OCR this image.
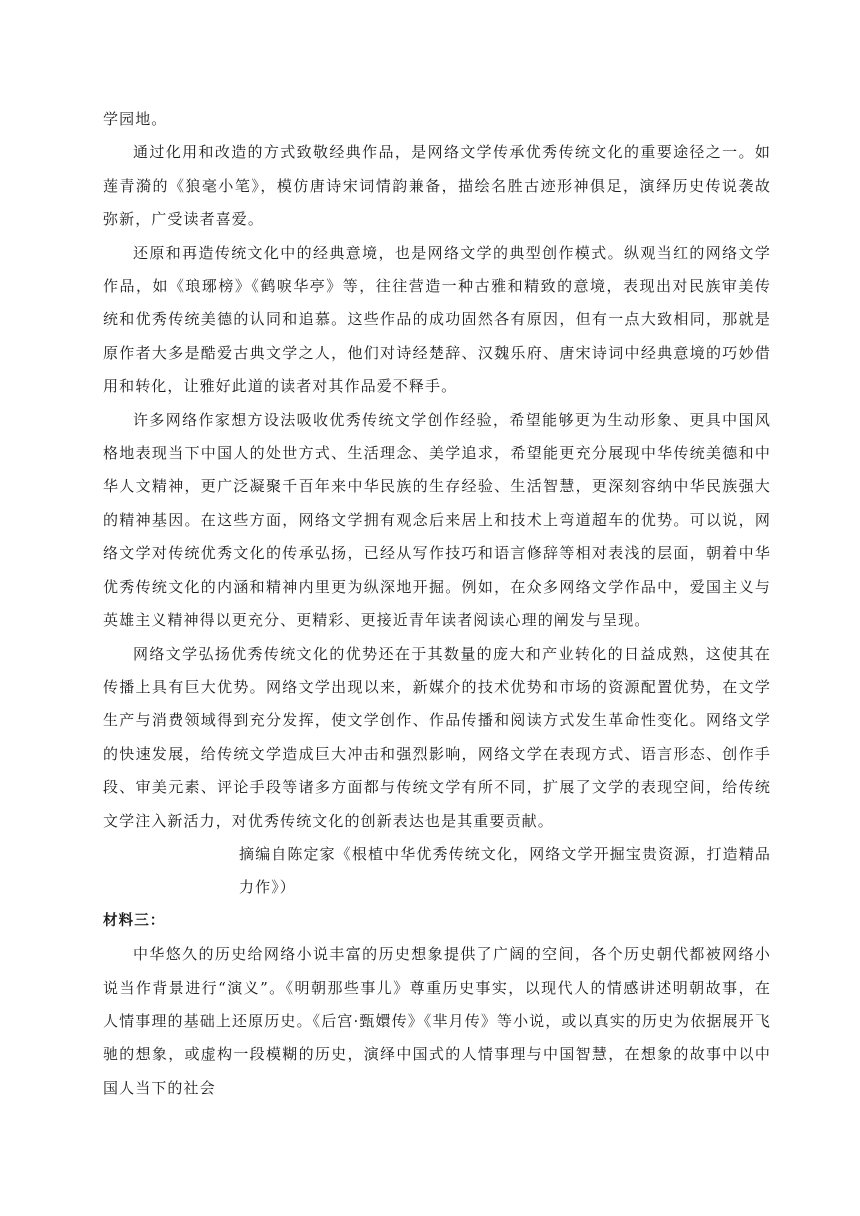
学园地。

通过化用和改造的方式致敬经典作品，是网络文学传承优秀传统文化的重要途径之一。如莲青漪的《狼毫小笔》，模仿唐诗宋词情韵兼备，描绘名胜古迹形神俱足，演绎历史传说袭故弥新，广受读者喜爱。

还原和再造传统文化中的经典意境，也是网络文学的典型创作模式。纵观当红的网络文学作品，如《琅琊榜》《鹤唳华亭》等，往往营造一种古雅和精致的意境，表现出对民族审美传统和优秀传统美德的认同和追慕。这些作品的成功固然各有原因，但有一点大致相同，那就是原作者大多是酷爱古典文学之人，他们对诗经楚辞、汉魏乐府、唐宋诗词中经典意境的巧妙借用和转化，让雅好此道的读者对其作品爱不释手。

许多网络作家想方设法吸收优秀传统文学创作经验，希望能够更为生动形象、更具中国风格地表现当下中国人的处世方式、生活理念、美学追求，希望能更充分展现中华传统美德和中华人文精神，更广泛凝聚千百年来中华民族的生存经验、生活智慧，更深刻容纳中华民族强大的精神基因。在这些方面，网络文学拥有观念后来居上和技术上弯道超车的优势。可以说，网络文学对传统优秀文化的传承弘扬，已经从写作技巧和语言修辞等相对表浅的层面，朝着中华优秀传统文化的内涵和精神内里更为纵深地开掘。例如，在众多网络文学作品中，爱国主义与英雄主义精神得以更充分、更精彩、更接近青年读者阅读心理的阐发与呈现。

网络文学弘扬优秀传统文化的优势还在于其数量的庞大和产业转化的日益成熟，这使其在传播上具有巨大优势。网络文学出现以来，新媒介的技术优势和市场的资源配置优势，在文学生产与消费领域得到充分发挥，使文学创作、作品传播和阅读方式发生革命性变化。网络文学的快速发展，给传统文学造成巨大冲击和强烈影响，网络文学在表现方式、语言形态、创作手段、审美元素、评论手段等诸多方面都与传统文学有所不同，扩展了文学的表现空间，给传统文学注入新活力，对优秀传统文化的创新表达也是其重要贡献。

摘编自陈定家《根植中华优秀传统文化，网络文学开掘宝贵资源，打造精品力作》）

材料三：

中华悠久的历史给网络小说丰富的历史想象提供了广阔的空间，各个历史朝代都被网络小说当作背景进行“演义”。《明朝那些事儿》尊重历史事实，以现代人的情感讲述明朝故事，在人情事理的基础上还原历史。《后宫·甄嬛传》《芈月传》等小说，或以真实的历史为依据展开飞驰的想象，或虚构一段模糊的历史，演绎中国式的人情事理与中国智慧，在想象的故事中以中国人当下的社会
